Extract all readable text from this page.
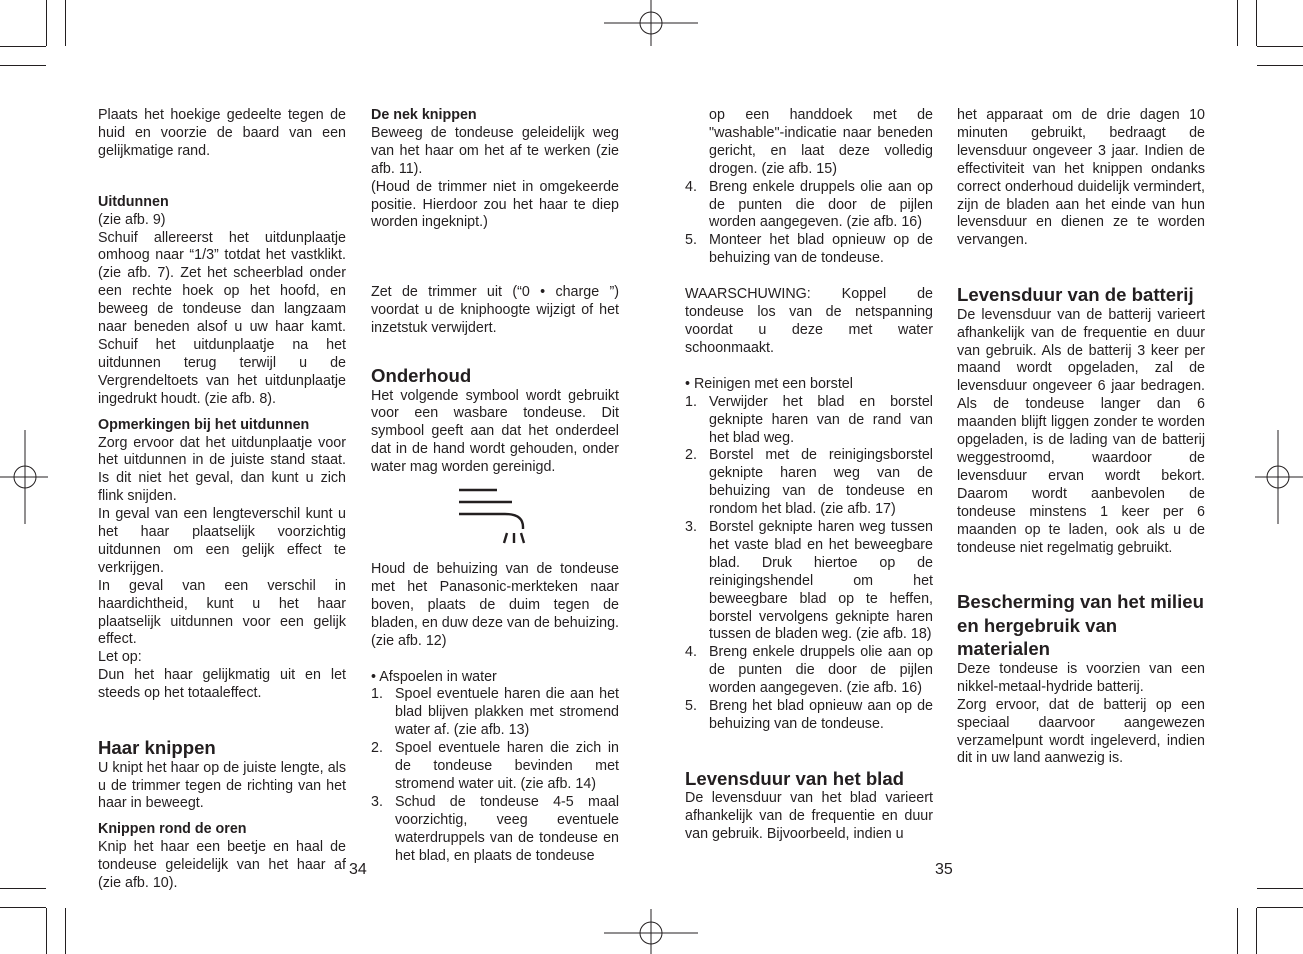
Plaats het hoekige gedeelte tegen de huid en voorzie de baard van een gelijkmatige rand.

Uitdunnen

(zie afb. 9)

Schuif allereerst het uitdunplaatje omhoog naar “1/3” totdat het vastklikt. (zie afb. 7). Zet het scheerblad onder een rechte hoek op het hoofd, en beweeg de tondeuse dan langzaam naar beneden alsof u uw haar kamt. Schuif het uitdunplaatje na het uitdunnen terug terwijl u de Vergrendeltoets van het uitdunplaatje ingedrukt houdt. (zie afb. 8).

Opmerkingen bij het uitdunnen

Zorg ervoor dat het uitdunplaatje voor het uitdunnen in de juiste stand staat. Is dit niet het geval, dan kunt u zich flink snijden.

In geval van een lengteverschil kunt u het haar plaatselijk voorzichtig uitdunnen om een gelijk effect te verkrijgen.

In geval van een verschil in haardichtheid, kunt u het haar plaatselijk uitdunnen voor een gelijk effect.

Let op:

Dun het haar gelijkmatig uit en let steeds op het totaaleffect.

Haar knippen

U knipt het haar op de juiste lengte, als u de trimmer tegen de richting van het haar in beweegt.

Knippen rond de oren

Knip het haar een beetje en haal de tondeuse geleidelijk van het haar af (zie afb. 10).

De nek knippen

Beweeg de tondeuse geleidelijk weg van het haar om het af te werken (zie afb. 11).

(Houd de trimmer niet in omgekeerde positie. Hierdoor zou het haar te diep worden ingeknipt.)

Zet de trimmer uit (“0 • charge ”) voordat u de kniphoogte wijzigt of het inzetstuk verwijdert.

Onderhoud

Het volgende symbool wordt gebruikt voor een wasbare tondeuse. Dit symbool geeft aan dat het onderdeel dat in de hand wordt gehouden, onder water mag worden gereinigd.

Houd de behuizing van de tondeuse met het Panasonic-merkteken naar boven, plaats de duim tegen de bladen, en duw deze van de behuizing. (zie afb. 12)

• Afspoelen in water

1. Spoel eventuele haren die aan het blad blijven plakken met stromend water af. (zie afb. 13)
2. Spoel eventuele haren die zich in de tondeuse bevinden met stromend water uit. (zie afb. 14)
3. Schud de tondeuse 4-5 maal voorzichtig, veeg eventuele waterdruppels van de tondeuse en het blad, en plaats de tondeuse

op een handdoek met de "washable"-indicatie naar beneden gericht, en laat deze volledig drogen. (zie afb. 15)

4. Breng enkele druppels olie aan op de punten die door de pijlen worden aangegeven. (zie afb. 16)
5. Monteer het blad opnieuw op de behuizing van de tondeuse.

WAARSCHUWING: Koppel de tondeuse los van de netspanning voordat u deze met water schoonmaakt.

• Reinigen met een borstel

1. Verwijder het blad en borstel geknipte haren van de rand van het blad weg.
2. Borstel met de reinigingsborstel geknipte haren weg van de behuizing van de tondeuse en rondom het blad. (zie afb. 17)
3. Borstel geknipte haren weg tussen het vaste blad en het beweegbare blad. Druk hiertoe op de reinigingshendel om het beweegbare blad op te heffen, borstel vervolgens geknipte haren tussen de bladen weg. (zie afb. 18)
4. Breng enkele druppels olie aan op de punten die door de pijlen worden aangegeven. (zie afb. 16)
5. Breng het blad opnieuw aan op de behuizing van de tondeuse.
Levensduur van het blad

De levensduur van het blad varieert afhankelijk van de frequentie en duur van gebruik. Bijvoorbeeld, indien u

het apparaat om de drie dagen 10 minuten gebruikt, bedraagt de levensduur ongeveer 3 jaar. Indien de effectiviteit van het knippen ondanks correct onderhoud duidelijk vermindert, zijn de bladen aan het einde van hun levensduur en dienen ze te worden vervangen.

Levensduur van de batterij

De levensduur van de batterij varieert afhankelijk van de frequentie en duur van gebruik. Als de batterij 3 keer per maand wordt opgeladen, zal de levensduur ongeveer 6 jaar bedragen. Als de tondeuse langer dan 6 maanden blijft liggen zonder te worden opgeladen, is de lading van de batterij weggestroomd, waardoor de levensduur ervan wordt bekort. Daarom wordt aanbevolen de tondeuse minstens 1 keer per 6 maanden op te laden, ook als u de tondeuse niet regelmatig gebruikt.

Bescherming van het milieu en hergebruik van materialen

Deze tondeuse is voorzien van een nikkel-metaal-hydride batterij.

Zorg ervoor, dat de batterij op een speciaal daarvoor aangewezen verzamelpunt wordt ingeleverd, indien dit in uw land aanwezig is.

34	35
